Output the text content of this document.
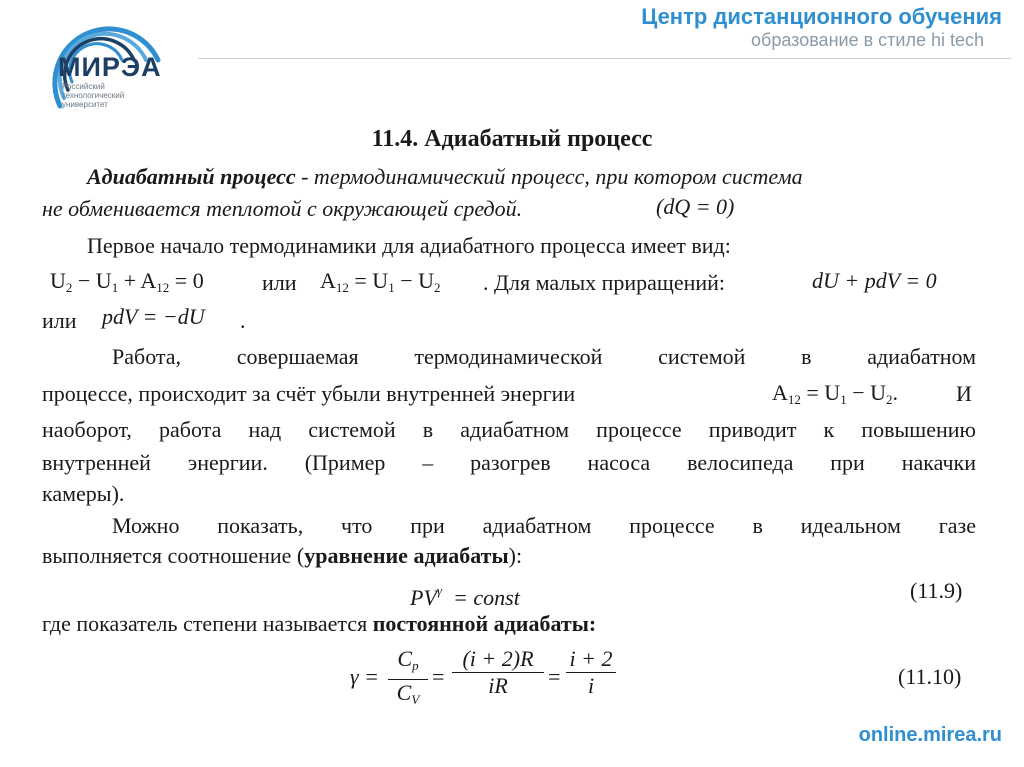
МИРЭА
Российский технологический университет
Центр дистанционного обучения
образование в стиле hi tech
11.4. Адиабатный процесс
Адиабатный процесс - термодинамический процесс, при котором система
не обменивается теплотой с окружающей средой.	(dQ = 0)
Первое начало термодинамики для адиабатного процесса имеет вид:
$U_2 - U_1 + A_{12} = 0$	или $A_{12} = U_1 - U_2$ . Для малых приращений:	dU + pdV = 0
или pdV = −dU .
Работа, совершаемая термодинамической системой в адиабатном
процессе, происходит за счёт убыли внутренней энергии	$A_{12} = U_1 - U_2$.	И
наоборот, работа над системой в адиабатном процессе приводит к повышению
внутренней энергии. (Пример – разогрев насоса велосипеда при накачки
камеры).
Можно показать, что при адиабатном процессе в идеальном газе
выполняется соотношение (уравнение адиабаты):
$PV^\gamma$ = const	(11.9)
где показатель степени называется постоянной адиабаты:
$\gamma = \frac{C_p}{C_V} = \frac{(i + 2)R}{iR} = \frac{i + 2}{i}$	(11.10)
online.mirea.ru
